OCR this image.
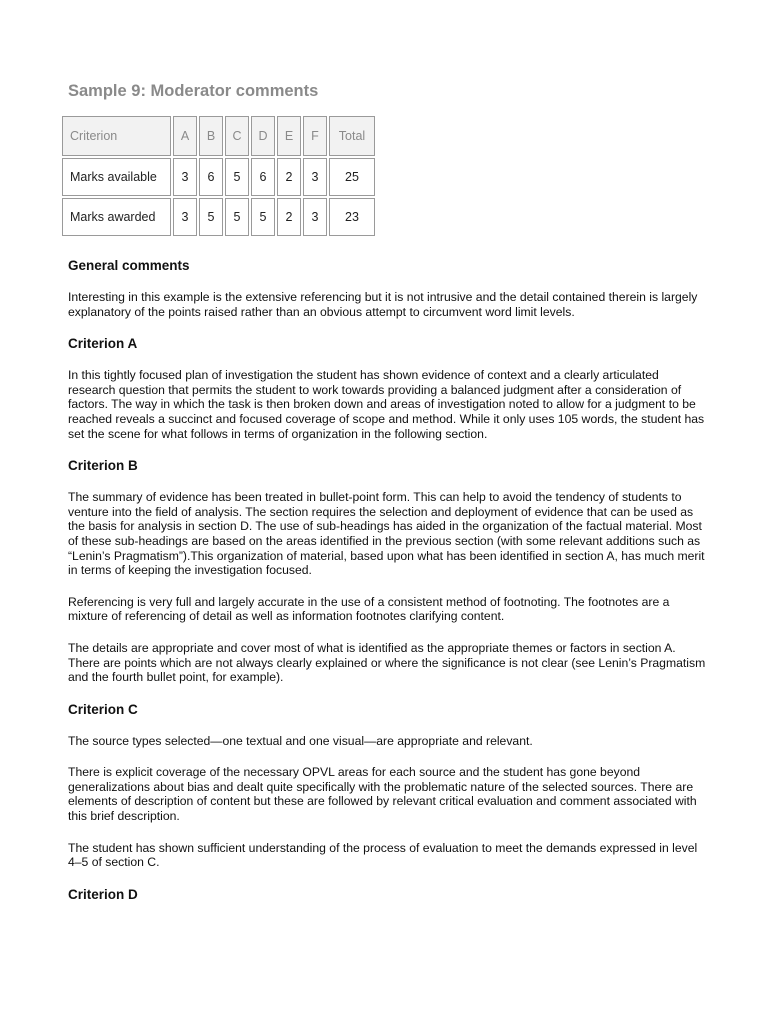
Sample 9: Moderator comments
Criterion	A	B	C	D	E	F	Total
Marks available	3	6	5	6	2	3	25
Marks awarded	3	5	5	5	2	3	23
General comments

Interesting in this example is the extensive referencing but it is not intrusive and the detail contained therein is largely explanatory of the points raised rather than an obvious attempt to circumvent word limit levels.

Criterion A

In this tightly focused plan of investigation the student has shown evidence of context and a clearly articulated research question that permits the student to work towards providing a balanced judgment after a consideration of factors. The way in which the task is then broken down and areas of investigation noted to allow for a judgment to be reached reveals a succinct and focused coverage of scope and method. While it only uses 105 words, the student has set the scene for what follows in terms of organization in the following section.

Criterion B

The summary of evidence has been treated in bullet-point form. This can help to avoid the tendency of students to venture into the field of analysis. The section requires the selection and deployment of evidence that can be used as the basis for analysis in section D. The use of sub-headings has aided in the organization of the factual material. Most of these sub-headings are based on the areas identified in the previous section (with some relevant additions such as “Lenin’s Pragmatism”).This organization of material, based upon what has been identified in section A, has much merit in terms of keeping the investigation focused.

Referencing is very full and largely accurate in the use of a consistent method of footnoting. The footnotes are a mixture of referencing of detail as well as information footnotes clarifying content.

The details are appropriate and cover most of what is identified as the appropriate themes or factors in section A. There are points which are not always clearly explained or where the significance is not clear (see Lenin’s Pragmatism and the fourth bullet point, for example).

Criterion C

The source types selected—one textual and one visual—are appropriate and relevant.

There is explicit coverage of the necessary OPVL areas for each source and the student has gone beyond generalizations about bias and dealt quite specifically with the problematic nature of the selected sources. There are elements of description of content but these are followed by relevant critical evaluation and comment associated with this brief description.

The student has shown sufficient understanding of the process of evaluation to meet the demands expressed in level 4–5 of section C.

Criterion D
